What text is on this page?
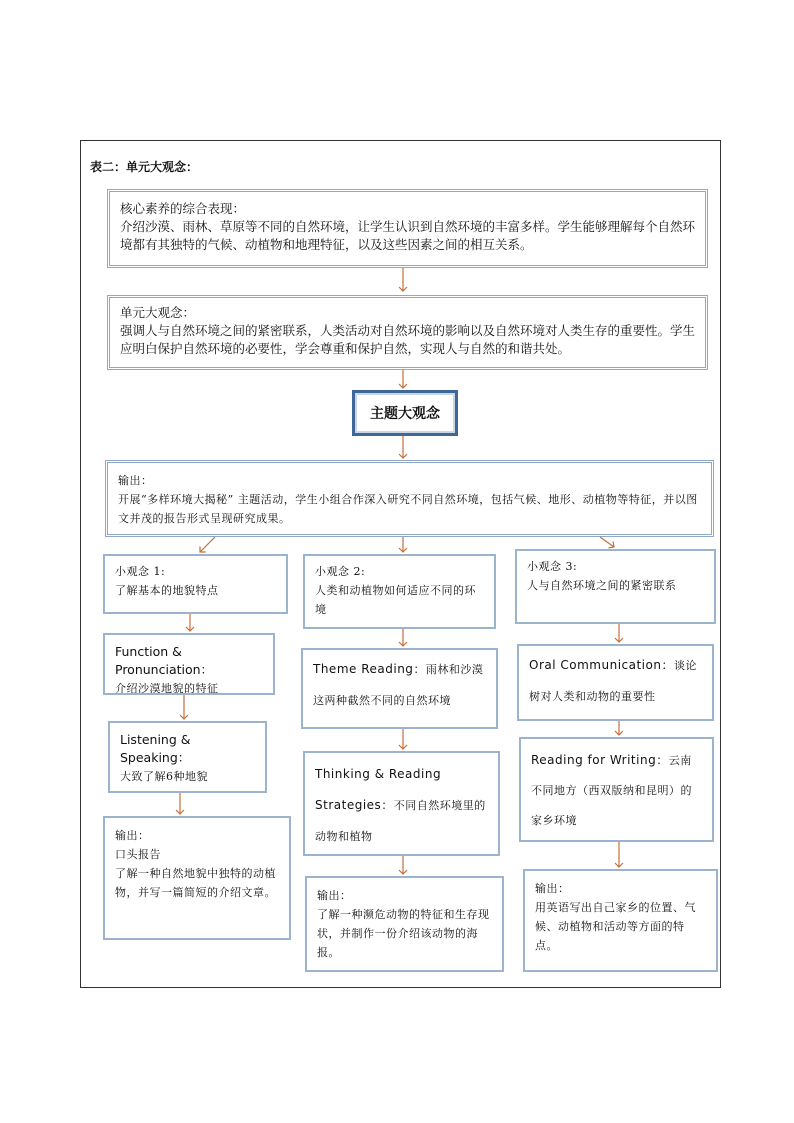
表二：单元大观念：
核心素养的综合表现：
介绍沙漠、雨林、草原等不同的自然环境，让学生认识到自然环境的丰富多样。学生能够理解每个自然环境都有其独特的气候、动植物和地理特征，以及这些因素之间的相互关系。
单元大观念：
强调人与自然环境之间的紧密联系，人类活动对自然环境的影响以及自然环境对人类生存的重要性。学生应明白保护自然环境的必要性，学会尊重和保护自然，实现人与自然的和谐共处。
主题大观念
输出：
开展“多样环境大揭秘” 主题活动，学生小组合作深入研究不同自然环境，包括气候、地形、动植物等特征，并以图文并茂的报告形式呈现研究成果。
小观念 1:
了解基本的地貌特点
Function & Pronunciation：
介绍沙漠地貌的特征
Listening & Speaking：
大致了解6种地貌
输出：
口头报告
了解一种自然地貌中独特的动植物，并写一篇简短的介绍文章。
小观念 2:
人类和动植物如何适应不同的环境
Theme Reading：雨林和沙漠这两种截然不同的自然环境
Thinking & Reading Strategies：不同自然环境里的动物和植物
输出：
了解一种濒危动物的特征和生存现状，并制作一份介绍该动物的海报。
小观念 3:
人与自然环境之间的紧密联系
Oral Communication：谈论树对人类和动物的重要性
Reading for Writing：云南不同地方（西双版纳和昆明）的家乡环境
输出：
用英语写出自己家乡的位置、气候、动植物和活动等方面的特点。
